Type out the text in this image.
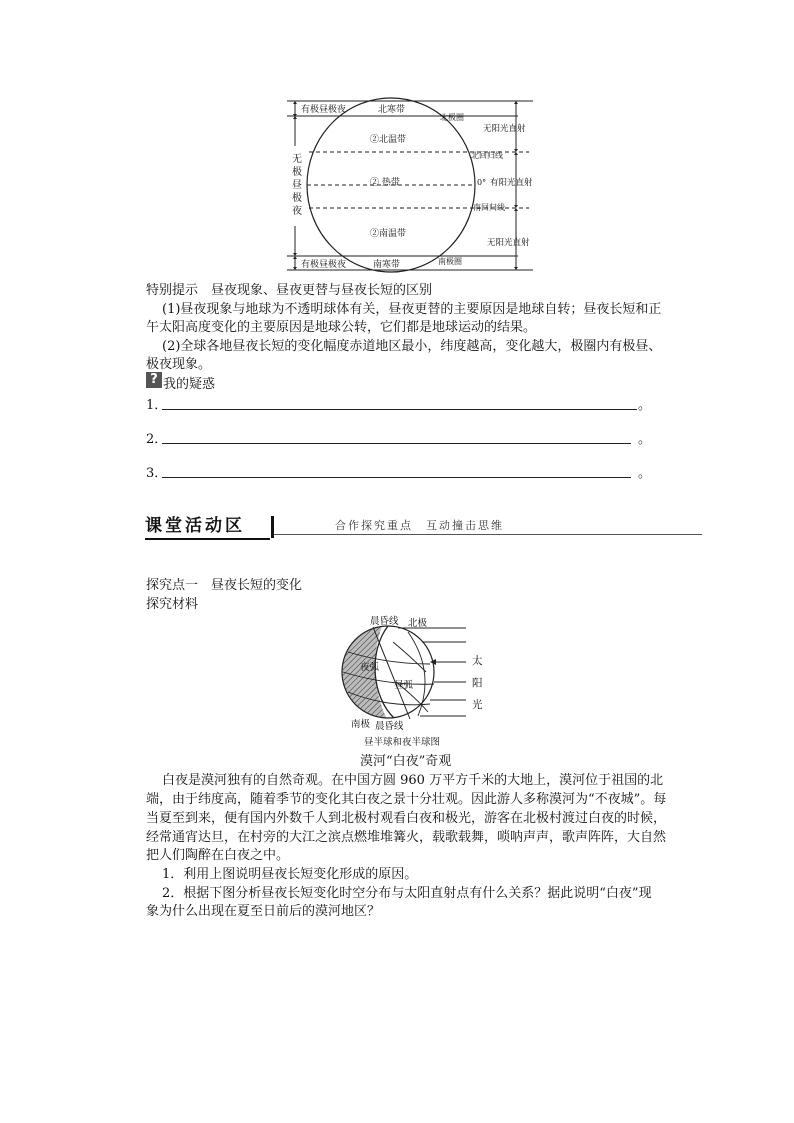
有极昼极夜
有极昼极夜
北寒带
南寒带
北极圈
南极圈
②北温带
②南温带
② 热带
北回归线
南回归线
0°
无阳光直射
有阳光直射
无阳光直射
无
极
昼
极
夜
特别提示　昼夜现象、昼夜更替与昼夜长短的区别
(1)昼夜现象与地球为不透明球体有关，昼夜更替的主要原因是地球自转；昼夜长短和正
午太阳高度变化的主要原因是地球公转，它们都是地球运动的结果。
(2)全球各地昼夜长短的变化幅度赤道地区最小，纬度越高，变化越大，极圈内有极昼、
极夜现象。
? 我的疑惑
1．	。
2．	。
3．	。
课堂活动区	合作探究重点　互动撞击思维
探究点一　昼夜长短的变化
探究材料
晨昏线 北极
夜弧
昼弧
南极 晨昏线
太
阳
光
昼半球和夜半球图
漠河“白夜”奇观
白夜是漠河独有的自然奇观。在中国方圆 960 万平方千米的大地上，漠河位于祖国的北
端，由于纬度高，随着季节的变化其白夜之景十分壮观。因此游人多称漠河为“不夜城”。每
当夏至到来，便有国内外数千人到北极村观看白夜和极光，游客在北极村渡过白夜的时候，
经常通宵达旦，在村旁的大江之滨点燃堆堆篝火，载歌载舞，唢呐声声，歌声阵阵，大自然
把人们陶醉在白夜之中。
1．利用上图说明昼夜长短变化形成的原因。
2．根据下图分析昼夜长短变化时空分布与太阳直射点有什么关系？据此说明“白夜”现
象为什么出现在夏至日前后的漠河地区？
